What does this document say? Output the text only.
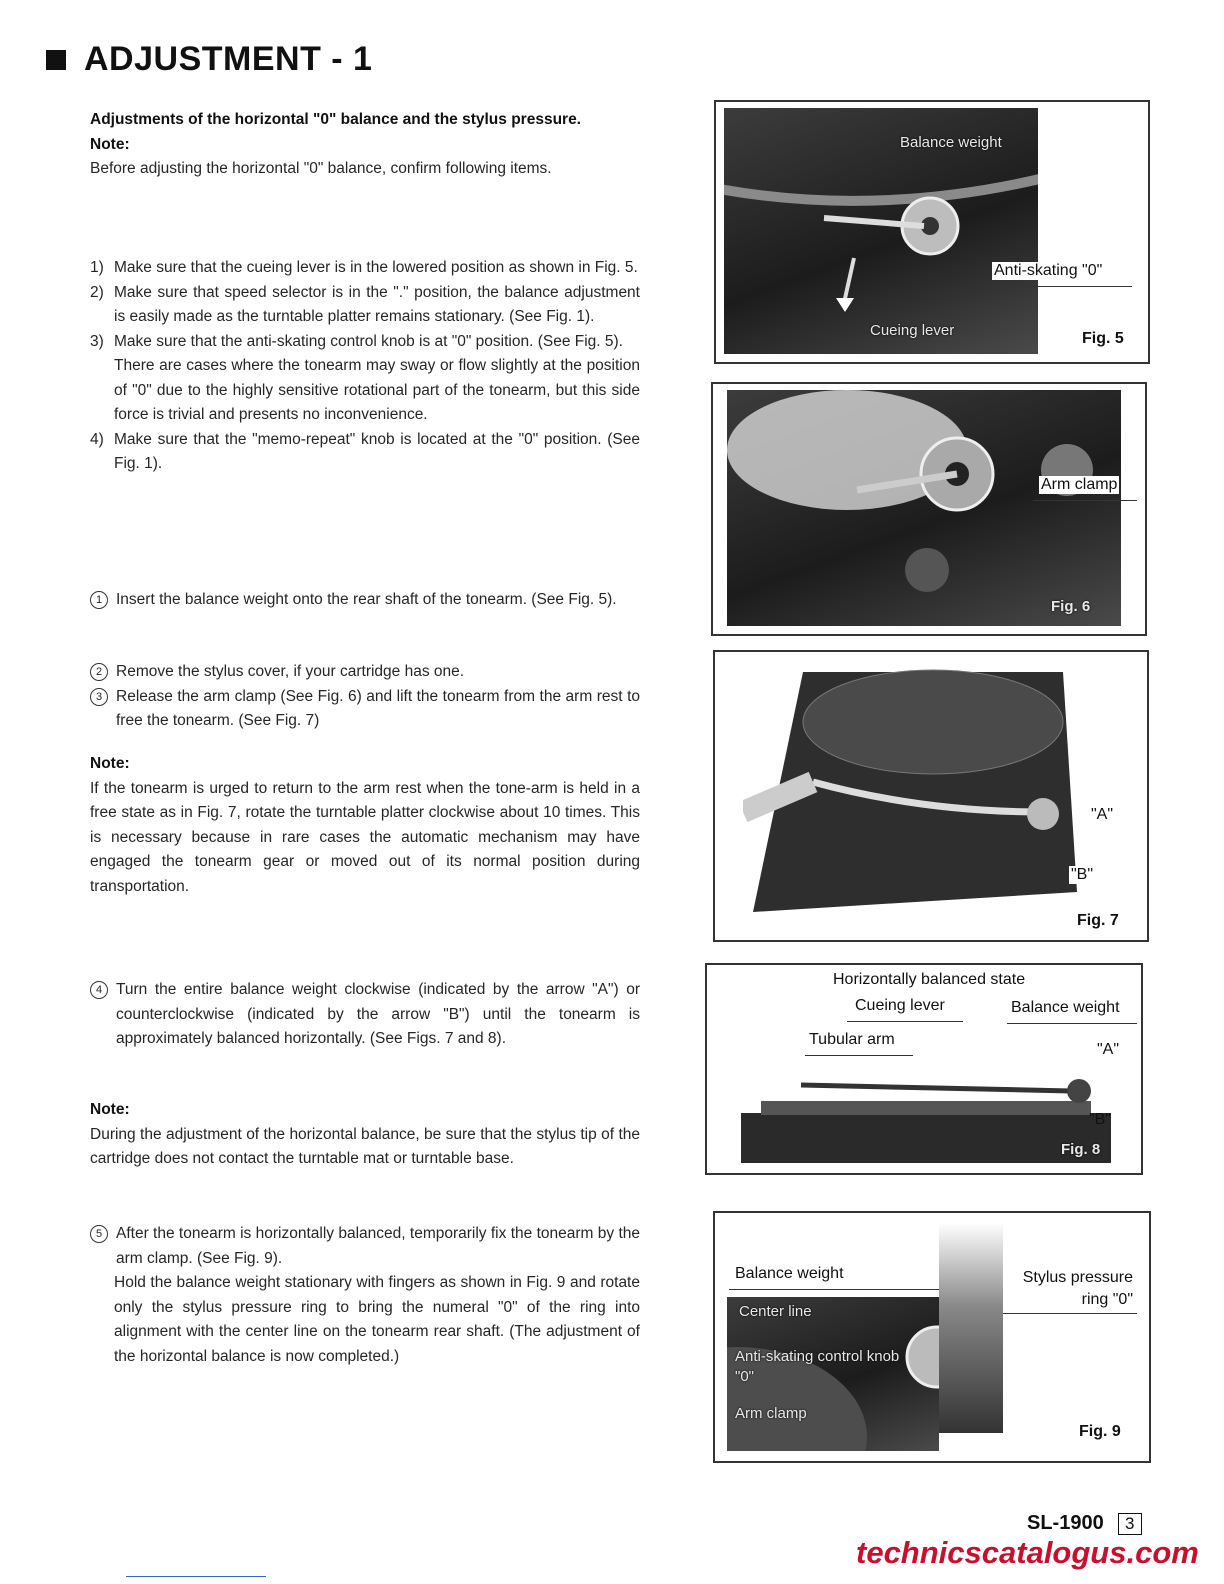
ADJUSTMENT - 1

Adjustments of the horizontal "0" balance and the stylus pressure.

Note:

Before adjusting the horizontal "0" balance, confirm following items.

1) Make sure that the cueing lever is in the lowered position as shown in Fig. 5.
2) Make sure that speed selector is in the "." position, the balance adjustment is easily made as the turntable platter remains stationary. (See Fig. 1).
3) Make sure that the anti-skating control knob is at "0" position. (See Fig. 5).
There are cases where the tonearm may sway or flow slightly at the position of "0" due to the highly sensitive rotational part of the tonearm, but this side force is trivial and presents no inconvenience.
4) Make sure that the "memo-repeat" knob is located at the "0" position. (See Fig. 1).

1 Insert the balance weight onto the rear shaft of the tonearm. (See Fig. 5).

2 Remove the stylus cover, if your cartridge has one.

3 Release the arm clamp (See Fig. 6) and lift the tonearm from the arm rest to free the tonearm. (See Fig. 7)

Note:

If the tonearm is urged to return to the arm rest when the tone-arm is held in a free state as in Fig. 7, rotate the turntable platter clockwise about 10 times. This is necessary because in rare cases the automatic mechanism may have engaged the tonearm gear or moved out of its normal position during transportation.

4 Turn the entire balance weight clockwise (indicated by the arrow "A") or counterclockwise (indicated by the arrow "B") until the tonearm is approximately balanced horizontally. (See Figs. 7 and 8).

Note:

During the adjustment of the horizontal balance, be sure that the stylus tip of the cartridge does not contact the turntable mat or turntable base.

5 After the tonearm is horizontally balanced, temporarily fix the tonearm by the arm clamp. (See Fig. 9).

Hold the balance weight stationary with fingers as shown in Fig. 9 and rotate only the stylus pressure ring to bring the numeral "0" of the ring into alignment with the center line on the tonearm rear shaft. (The adjustment of the horizontal balance is now completed.)

Balance weight
Cueing lever
Anti-skating "0"
Fig. 5
Fig. 6
Arm clamp
"A"
"B"
Fig. 7
Horizontally balanced state
Cueing lever	Balance weight
Tubular arm
Fig. 8
"A"
"B"
Balance weight	Stylus pressure ring "0"
Center line
Anti-skating control knob "0"
Arm clamp
Fig. 9
SL-1900	3
technicscatalogus.com
